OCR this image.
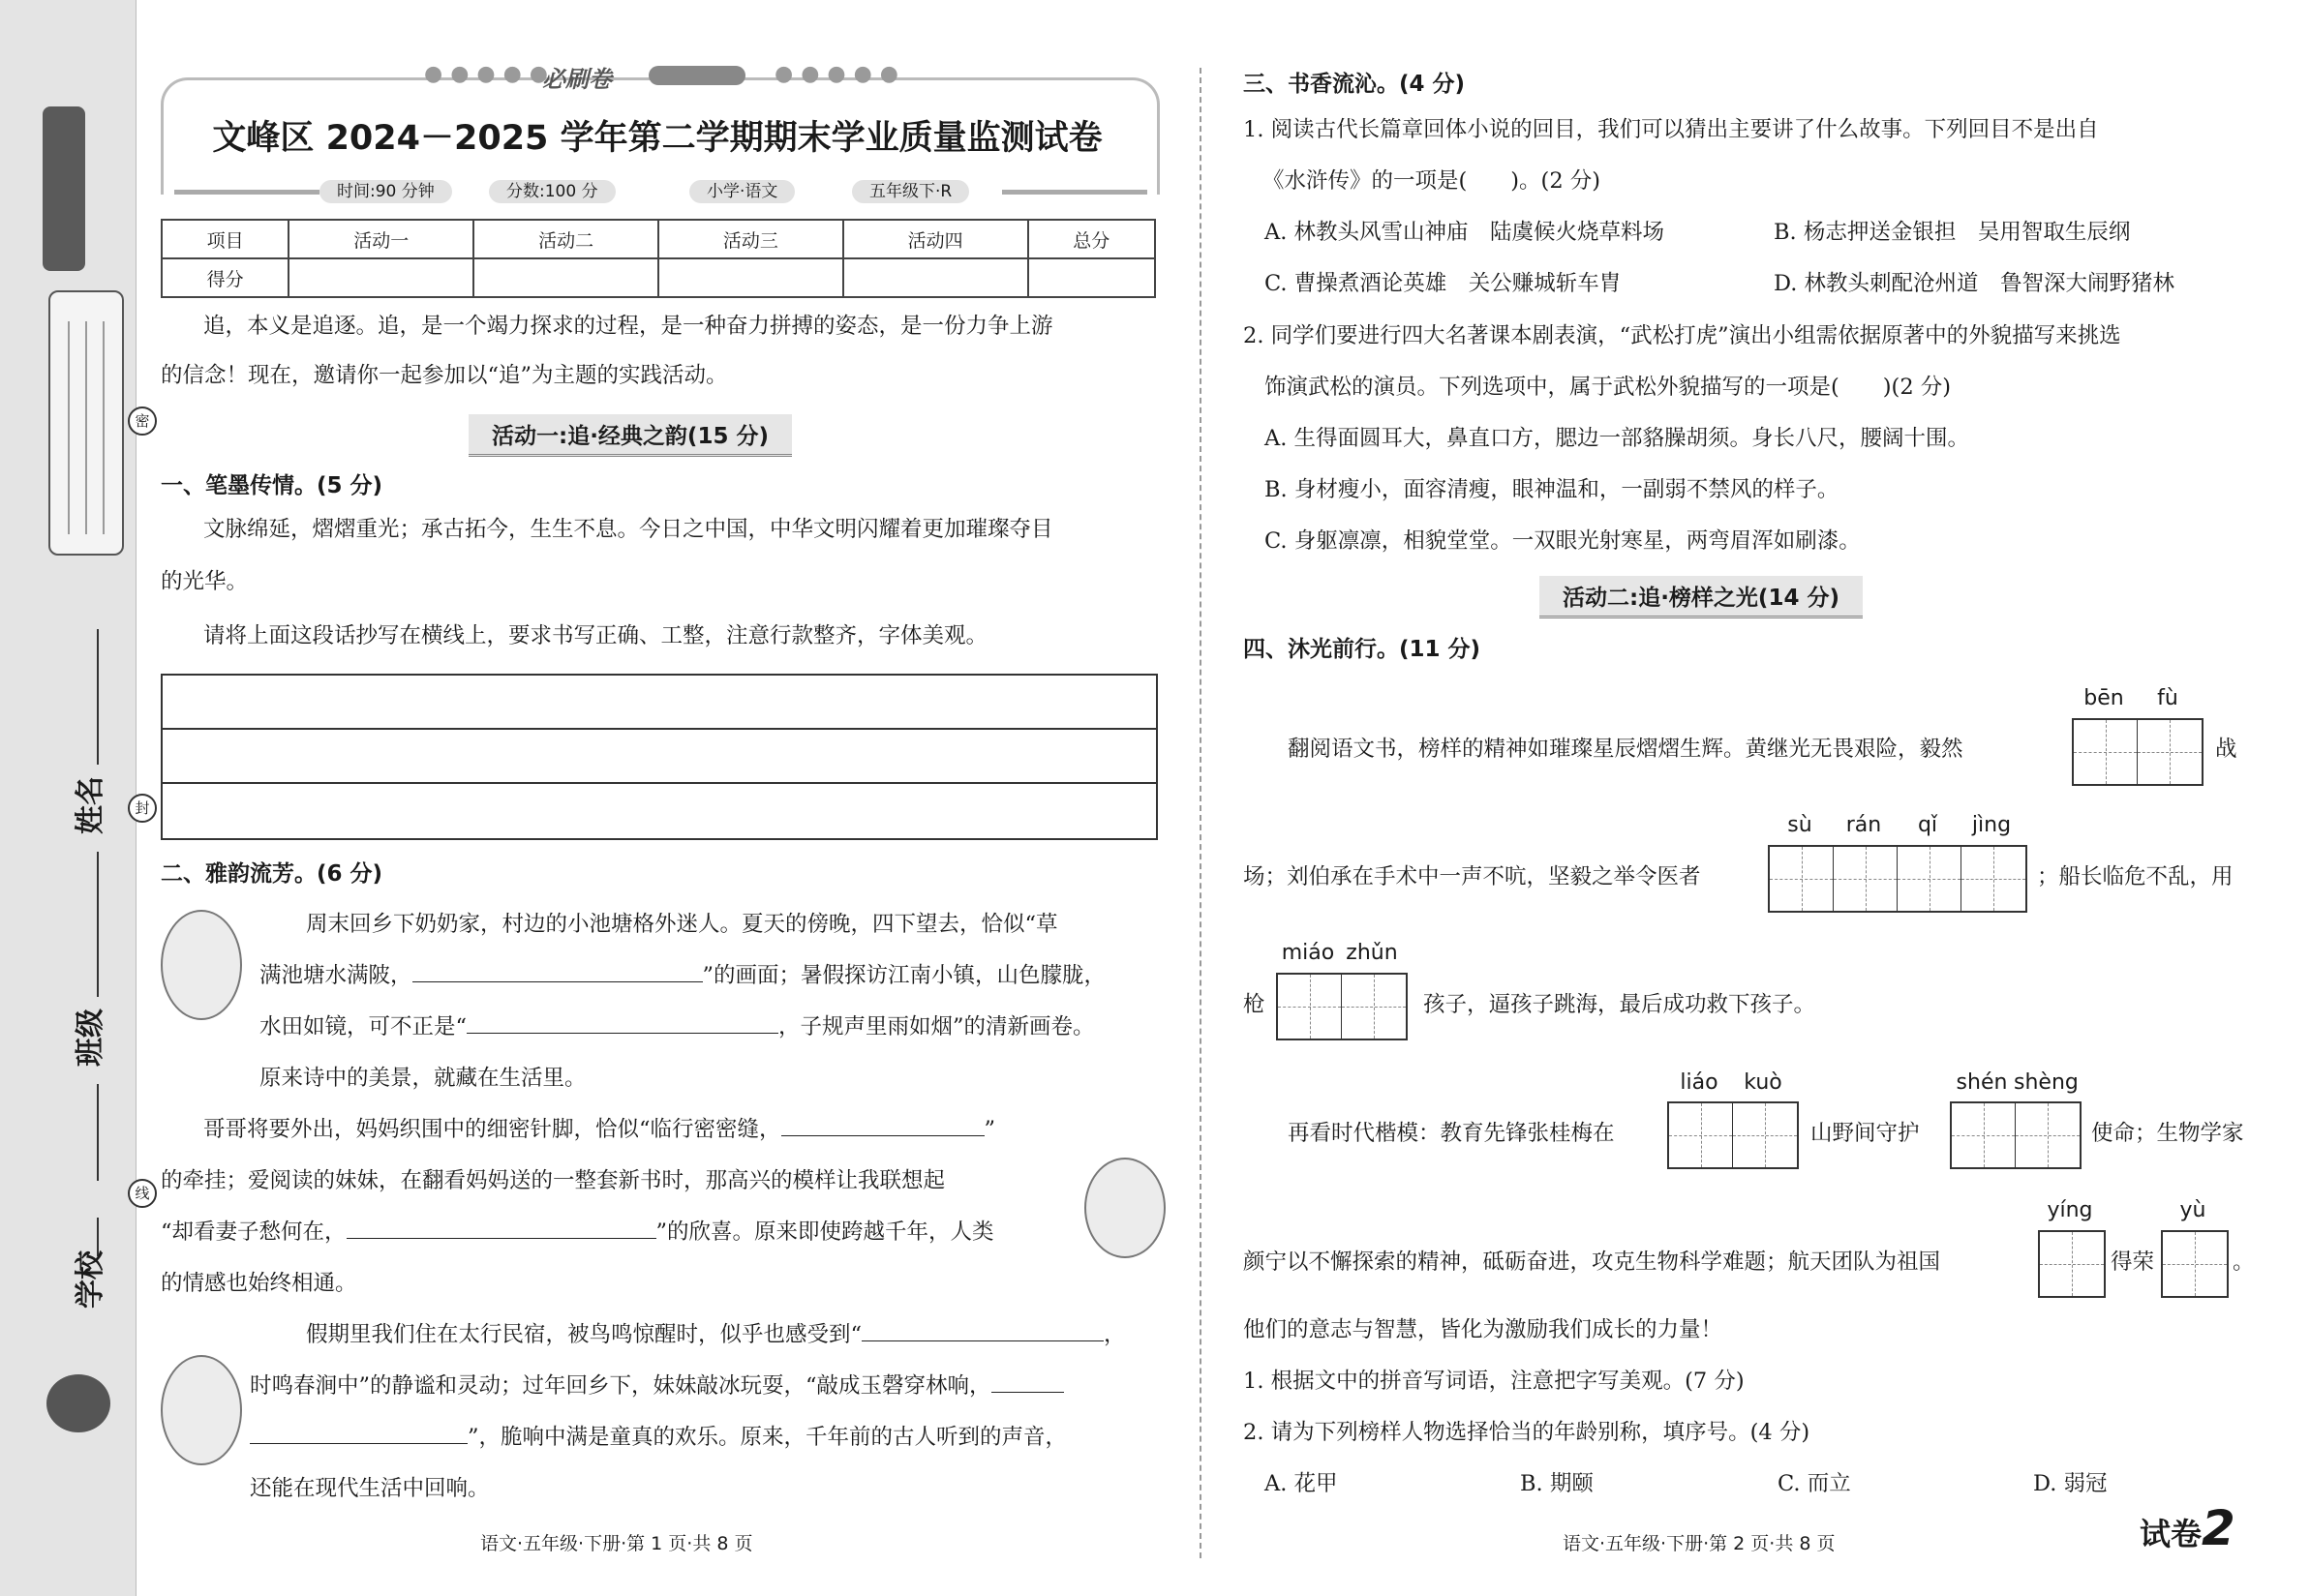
密
封
线
姓名
班级
学校
●●●●●
必刷卷	●●●●●
文峰区 2024－2025 学年第二学期期末学业质量监测试卷
时间:90 分钟	分数:100 分	小学·语文	五年级下·R
项目	活动一	活动二	活动三	活动四	总分
得分					
追，本义是追逐。追，是一个竭力探求的过程，是一种奋力拼搏的姿态，是一份力争上游
的信念！现在，邀请你一起参加以“追”为主题的实践活动。
活动一:追·经典之韵(15 分)
一、笔墨传情。(5 分)
文脉绵延，熠熠重光；承古拓今，生生不息。今日之中国，中华文明闪耀着更加璀璨夺目
的光华。
请将上面这段话抄写在横线上，要求书写正确、工整，注意行款整齐，字体美观。
二、雅韵流芳。(6 分)
周末回乡下奶奶家，村边的小池塘格外迷人。夏天的傍晚，四下望去，恰似“草
满池塘水满陂，	”的画面；暑假探访江南小镇，山色朦胧，
水田如镜，可不正是“	，子规声里雨如烟”的清新画卷。
原来诗中的美景，就藏在生活里。
哥哥将要外出，妈妈织围中的细密针脚，恰似“临行密密缝，	”
的牵挂；爱阅读的妹妹，在翻看妈妈送的一整套新书时，那高兴的模样让我联想起
“却看妻子愁何在，	”的欣喜。原来即使跨越千年，人类
的情感也始终相通。
假期里我们住在太行民宿，被鸟鸣惊醒时，似乎也感受到“	，
时鸣春涧中”的静谧和灵动；过年回乡下，妹妹敲冰玩耍，“敲成玉磬穿林响，
”，脆响中满是童真的欢乐。原来，千年前的古人听到的声音，
还能在现代生活中回响。
语文·五年级·下册·第 1 页·共 8 页
三、书香流沁。(4 分)
1. 阅读古代长篇章回体小说的回目，我们可以猜出主要讲了什么故事。下列回目不是出自
《水浒传》的一项是(　　)。(2 分)
A. 林教头风雪山神庙　陆虞候火烧草料场	B. 杨志押送金银担　吴用智取生辰纲
C. 曹操煮酒论英雄　关公赚城斩车胄	D. 林教头刺配沧州道　鲁智深大闹野猪林
2. 同学们要进行四大名著课本剧表演，“武松打虎”演出小组需依据原著中的外貌描写来挑选
饰演武松的演员。下列选项中，属于武松外貌描写的一项是(　　)(2 分)
A. 生得面圆耳大，鼻直口方，腮边一部貉臊胡须。身长八尺，腰阔十围。
B. 身材瘦小，面容清瘦，眼神温和，一副弱不禁风的样子。
C. 身躯凛凛，相貌堂堂。一双眼光射寒星，两弯眉浑如刷漆。
活动二:追·榜样之光(14 分)
四、沐光前行。(11 分)
bēn	fù
翻阅语文书，榜样的精神如璀璨星辰熠熠生辉。黄继光无畏艰险，毅然	战
sù	rán	qǐ	jìng
场；刘伯承在手术中一声不吭，坚毅之举令医者	；船长临危不乱，用
miáo zhǔn
枪	孩子，逼孩子跳海，最后成功救下孩子。
liáo	kuò	shén shèng
再看时代楷模：教育先锋张桂梅在	山野间守护	使命；生物学家
yíng	yù
颜宁以不懈探索的精神，砥砺奋进，攻克生物科学难题；航天团队为祖国	得荣	。
他们的意志与智慧，皆化为激励我们成长的力量！
1. 根据文中的拼音写词语，注意把字写美观。(7 分)
2. 请为下列榜样人物选择恰当的年龄别称，填序号。(4 分)
A. 花甲	B. 期颐	C. 而立	D. 弱冠
语文·五年级·下册·第 2 页·共 8 页	试卷2
